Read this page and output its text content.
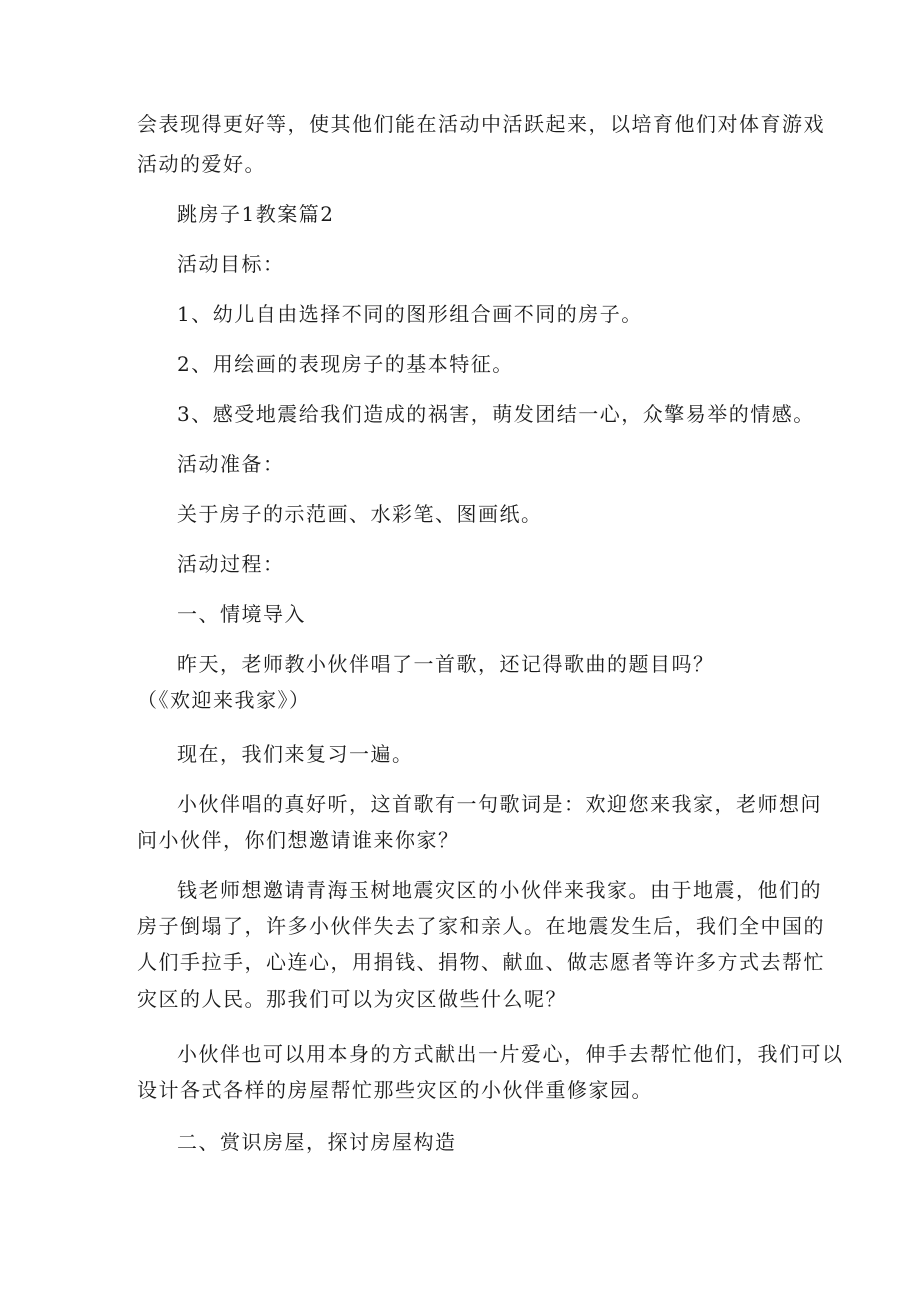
会表现得更好等，使其他们能在活动中活跃起来，以培育他们对体育游戏
活动的爱好。
跳房子1教案篇2
活动目标：
1、幼儿自由选择不同的图形组合画不同的房子。
2、用绘画的表现房子的基本特征。
3、感受地震给我们造成的祸害，萌发团结一心，众擎易举的情感。
活动准备：
关于房子的示范画、水彩笔、图画纸。
活动过程：
一、情境导入
昨天，老师教小伙伴唱了一首歌，还记得歌曲的题目吗？
（《欢迎来我家》）
现在，我们来复习一遍。
小伙伴唱的真好听，这首歌有一句歌词是：欢迎您来我家，老师想问
问小伙伴，你们想邀请谁来你家？
钱老师想邀请青海玉树地震灾区的小伙伴来我家。由于地震，他们的
房子倒塌了，许多小伙伴失去了家和亲人。在地震发生后，我们全中国的
人们手拉手，心连心，用捐钱、捐物、献血、做志愿者等许多方式去帮忙
灾区的人民。那我们可以为灾区做些什么呢？
小伙伴也可以用本身的方式献出一片爱心，伸手去帮忙他们，我们可以
设计各式各样的房屋帮忙那些灾区的小伙伴重修家园。
二、赏识房屋，探讨房屋构造
